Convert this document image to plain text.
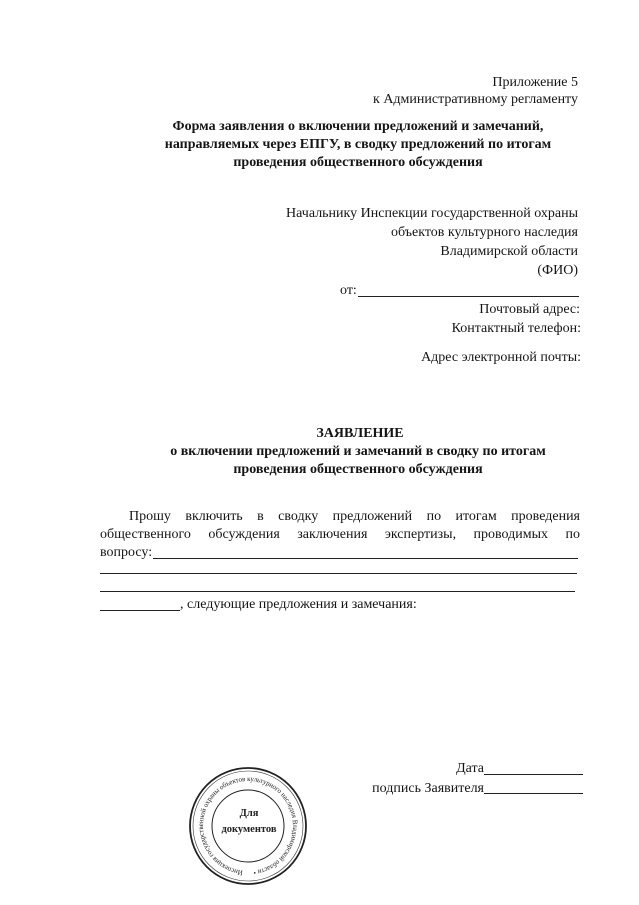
Приложение 5
к Административному регламенту
Форма заявления о включении предложений и замечаний,
направляемых через ЕПГУ, в сводку предложений по итогам
проведения общественного обсуждения
Начальнику Инспекции государственной охраны
объектов культурного наследия
Владимирской области
(ФИО)
от:
Почтовый адрес:
Контактный телефон:
Адрес электронной почты:
ЗАЯВЛЕНИЕ
о включении предложений и замечаний в сводку по итогам
проведения общественного обсуждения
Прошу включить в сводку предложений по итогам проведения
общественного обсуждения заключения экспертизы, проводимых по
вопросу:
, следующие предложения и замечания:
Дата
подпись Заявителя
Инспекция государственной охраны объектов культурного наследия Владимирской области •
Для
документов
